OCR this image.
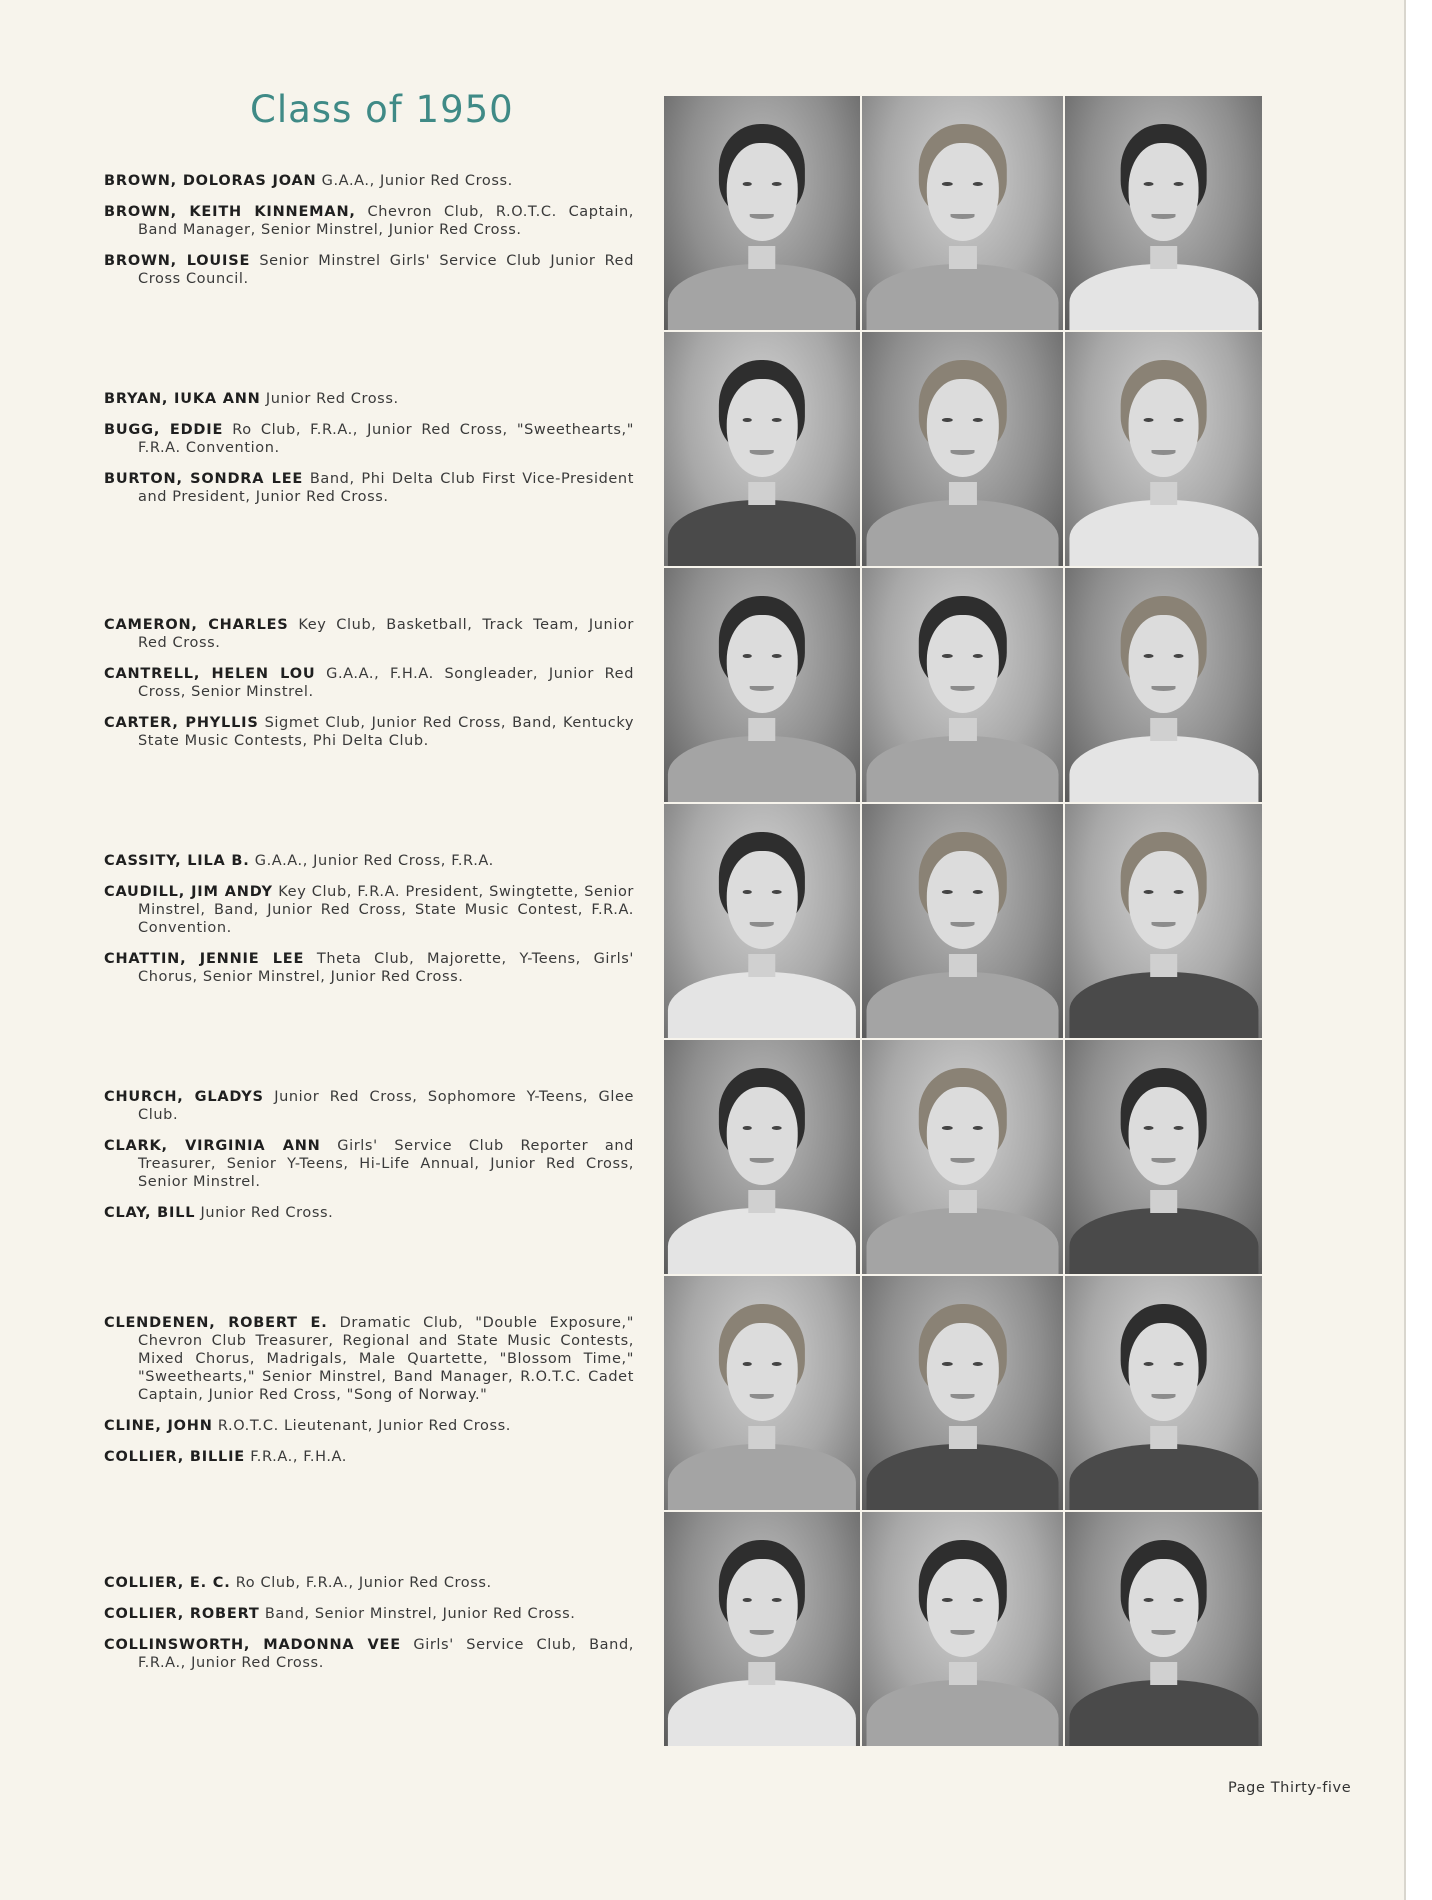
Class of 1950
BROWN, DOLORAS JOAN G.A.A., Junior Red Cross.
BROWN, KEITH KINNEMAN, Chevron Club, R.O.T.C. Captain, Band Manager, Senior Minstrel, Junior Red Cross.
BROWN, LOUISE Senior Minstrel Girls' Service Club Junior Red Cross Council.
BRYAN, IUKA ANN Junior Red Cross.
BUGG, EDDIE Ro Club, F.R.A., Junior Red Cross, "Sweethearts," F.R.A. Convention.
BURTON, SONDRA LEE Band, Phi Delta Club First Vice-President and President, Junior Red Cross.
CAMERON, CHARLES Key Club, Basketball, Track Team, Junior Red Cross.
CANTRELL, HELEN LOU G.A.A., F.H.A. Songleader, Junior Red Cross, Senior Minstrel.
CARTER, PHYLLIS Sigmet Club, Junior Red Cross, Band, Kentucky State Music Contests, Phi Delta Club.
CASSITY, LILA B. G.A.A., Junior Red Cross, F.R.A.
CAUDILL, JIM ANDY Key Club, F.R.A. President, Swingtette, Senior Minstrel, Band, Junior Red Cross, State Music Contest, F.R.A. Convention.
CHATTIN, JENNIE LEE Theta Club, Majorette, Y-Teens, Girls' Chorus, Senior Minstrel, Junior Red Cross.
CHURCH, GLADYS Junior Red Cross, Sophomore Y-Teens, Glee Club.
CLARK, VIRGINIA ANN Girls' Service Club Reporter and Treasurer, Senior Y-Teens, Hi-Life Annual, Junior Red Cross, Senior Minstrel.
CLAY, BILL Junior Red Cross.
CLENDENEN, ROBERT E. Dramatic Club, "Double Exposure," Chevron Club Treasurer, Regional and State Music Contests, Mixed Chorus, Madrigals, Male Quartette, "Blossom Time," "Sweethearts," Senior Minstrel, Band Manager, R.O.T.C. Cadet Captain, Junior Red Cross, "Song of Norway."
CLINE, JOHN R.O.T.C. Lieutenant, Junior Red Cross.
COLLIER, BILLIE F.R.A., F.H.A.
COLLIER, E. C. Ro Club, F.R.A., Junior Red Cross.
COLLIER, ROBERT Band, Senior Minstrel, Junior Red Cross.
COLLINSWORTH, MADONNA VEE Girls' Service Club, Band, F.R.A., Junior Red Cross.
Page Thirty-five
